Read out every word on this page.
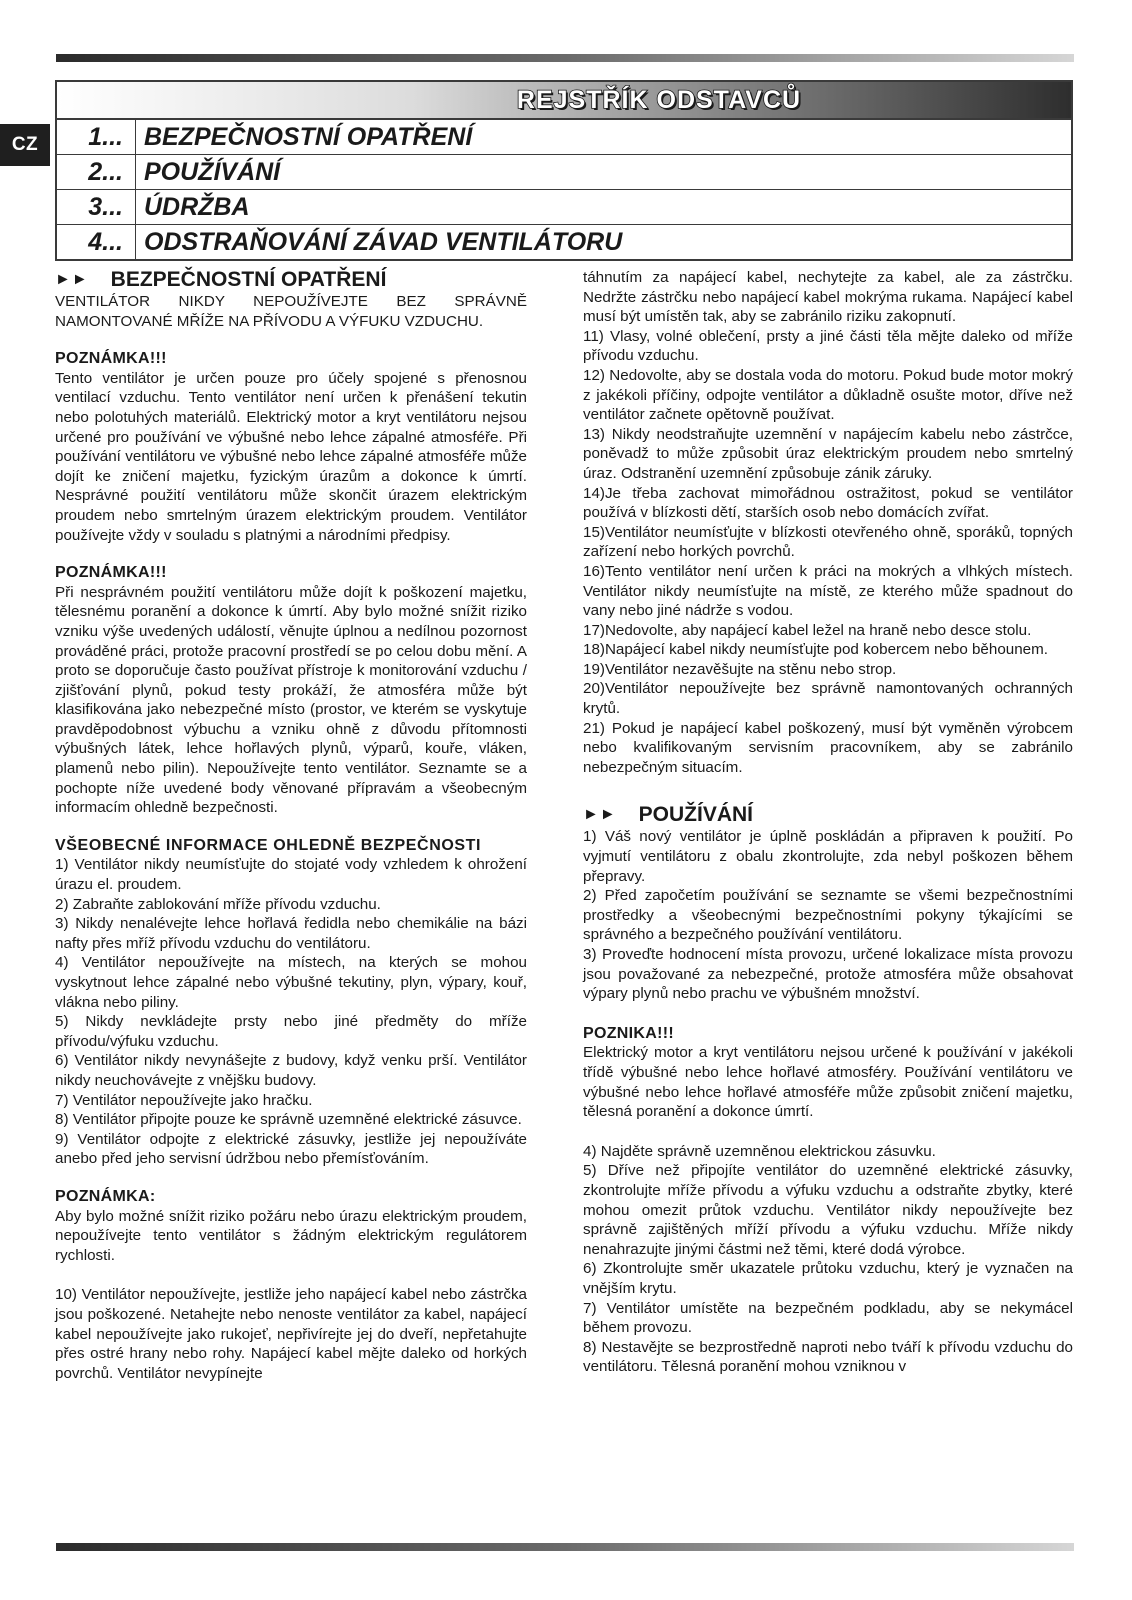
CZ
REJSTŘÍK ODSTAVCŮ
1... BEZPEČNOSTNÍ OPATŘENÍ
2... POUŽÍVÁNÍ
3... ÚDRŽBA
4... ODSTRAŇOVÁNÍ ZÁVAD VENTILÁTORU
►► BEZPEČNOSTNÍ OPATŘENÍ

VENTILÁTOR NIKDY NEPOUŽÍVEJTE BEZ SPRÁVNĚ NAMONTOVANÉ MŘÍŽE NA PŘÍVODU A VÝFUKU VZDUCHU.

POZNÁMKA!!!

Tento ventilátor je určen pouze pro účely spojené s přenosnou ventilací vzduchu. Tento ventilátor není určen k přenášení tekutin nebo polotuhých materiálů. Elektrický motor a kryt ventilátoru nejsou určené pro používání ve výbušné nebo lehce zápalné atmosféře. Při používání ventilátoru ve výbušné nebo lehce zápalné atmosféře může dojít ke zničení majetku, fyzickým úrazům a dokonce k úmrtí. Nesprávné použití ventilátoru může skončit úrazem elektrickým proudem nebo smrtelným úrazem elektrickým proudem. Ventilátor používejte vždy v souladu s platnými a národními předpisy.

POZNÁMKA!!!

Při nesprávném použití ventilátoru může dojít k poškození majetku, tělesnému poranění a dokonce k úmrtí. Aby bylo možné snížit riziko vzniku výše uvedených událostí, věnujte úplnou a nedílnou pozornost prováděné práci, protože pracovní prostředí se po celou dobu mění. A proto se doporučuje často používat přístroje k monitorování vzduchu / zjišťování plynů, pokud testy prokáží, že atmosféra může být klasifikována jako nebezpečné místo (prostor, ve kterém se vyskytuje pravděpodobnost výbuchu a vzniku ohně z důvodu přítomnosti výbušných látek, lehce hořlavých plynů, výparů, kouře, vláken, plamenů nebo pilin). Nepoužívejte tento ventilátor. Seznamte se a pochopte níže uvedené body věnované přípravám a všeobecným informacím ohledně bezpečnosti.

VŠEOBECNÉ INFORMACE OHLEDNĚ BEZPEČNOSTI

1) Ventilátor nikdy neumísťujte do stojaté vody vzhledem k ohrožení úrazu el. proudem.

2) Zabraňte zablokování mříže přívodu vzduchu.

3) Nikdy nenalévejte lehce hořlavá ředidla nebo chemikálie na bázi nafty přes mříž přívodu vzduchu do ventilátoru.

4) Ventilátor nepoužívejte na místech, na kterých se mohou vyskytnout lehce zápalné nebo výbušné tekutiny, plyn, výpary, kouř, vlákna nebo piliny.

5) Nikdy nevkládejte prsty nebo jiné předměty do mříže přívodu/výfuku vzduchu.

6) Ventilátor nikdy nevynášejte z budovy, když venku prší. Ventilátor nikdy neuchovávejte z vnějšku budovy.

7) Ventilátor nepoužívejte jako hračku.

8) Ventilátor připojte pouze ke správně uzemněné elektrické zásuvce.

9) Ventilátor odpojte z elektrické zásuvky, jestliže jej nepoužíváte anebo před jeho servisní údržbou nebo přemísťováním.

POZNÁMKA:

Aby bylo možné snížit riziko požáru nebo úrazu elektrickým proudem, nepoužívejte tento ventilátor s žádným elektrickým regulátorem rychlosti.

10) Ventilátor nepoužívejte, jestliže jeho napájecí kabel nebo zástrčka jsou poškozené. Netahejte nebo nenoste ventilátor za kabel, napájecí kabel nepoužívejte jako rukojeť, nepřivírejte jej do dveří, nepřetahujte přes ostré hrany nebo rohy. Napájecí kabel mějte daleko od horkých povrchů. Ventilátor nevypínejte

táhnutím za napájecí kabel, nechytejte za kabel, ale za zástrčku. Nedržte zástrčku nebo napájecí kabel mokrýma rukama. Napájecí kabel musí být umístěn tak, aby se zabránilo riziku zakopnutí.

11) Vlasy, volné oblečení, prsty a jiné části těla mějte daleko od mříže přívodu vzduchu.

12) Nedovolte, aby se dostala voda do motoru. Pokud bude motor mokrý z jakékoli příčiny, odpojte ventilátor a důkladně osušte motor, dříve než ventilátor začnete opětovně používat.

13) Nikdy neodstraňujte uzemnění v napájecím kabelu nebo zástrčce, poněvadž to může způsobit úraz elektrickým proudem nebo smrtelný úraz. Odstranění uzemnění způsobuje zánik záruky.

14)Je třeba zachovat mimořádnou ostražitost, pokud se ventilátor používá v blízkosti dětí, starších osob nebo domácích zvířat.

15)Ventilátor neumísťujte v blízkosti otevřeného ohně, sporáků, topných zařízení nebo horkých povrchů.

16)Tento ventilátor není určen k práci na mokrých a vlhkých místech. Ventilátor nikdy neumísťujte na místě, ze kterého může spadnout do vany nebo jiné nádrže s vodou.

17)Nedovolte, aby napájecí kabel ležel na hraně nebo desce stolu.

18)Napájecí kabel nikdy neumísťujte pod kobercem nebo běhounem.

19)Ventilátor nezavěšujte na stěnu nebo strop.

20)Ventilátor nepoužívejte bez správně namontovaných ochranných krytů.

21) Pokud je napájecí kabel poškozený, musí být vyměněn výrobcem nebo kvalifikovaným servisním pracovníkem, aby se zabránilo nebezpečným situacím.

►► POUŽÍVÁNÍ

1) Váš nový ventilátor je úplně poskládán a připraven k použití. Po vyjmutí ventilátoru z obalu zkontrolujte, zda nebyl poškozen během přepravy.

2) Před započetím používání se seznamte se všemi bezpečnostními prostředky a všeobecnými bezpečnostními pokyny týkajícími se správného a bezpečného používání ventilátoru.

3) Proveďte hodnocení místa provozu, určené lokalizace místa provozu jsou považované za nebezpečné, protože atmosféra může obsahovat výpary plynů nebo prachu ve výbušném množství.

POZNIKA!!!

Elektrický motor a kryt ventilátoru nejsou určené k používání v jakékoli třídě výbušné nebo lehce hořlavé atmosféry. Používání ventilátoru ve výbušné nebo lehce hořlavé atmosféře může způsobit zničení majetku, tělesná poranění a dokonce úmrtí.

4) Najděte správně uzemněnou elektrickou zásuvku.

5) Dříve než připojíte ventilátor do uzemněné elektrické zásuvky, zkontrolujte mříže přívodu a výfuku vzduchu a odstraňte zbytky, které mohou omezit průtok vzduchu. Ventilátor nikdy nepoužívejte bez správně zajištěných mříží přívodu a výfuku vzduchu. Mříže nikdy nenahrazujte jinými částmi než těmi, které dodá výrobce.

6) Zkontrolujte směr ukazatele průtoku vzduchu, který je vyznačen na vnějším krytu.

7) Ventilátor umístěte na bezpečném podkladu, aby se nekymácel během provozu.

8) Nestavějte se bezprostředně naproti nebo tváří k přívodu vzduchu do ventilátoru. Tělesná poranění mohou vzniknou v
